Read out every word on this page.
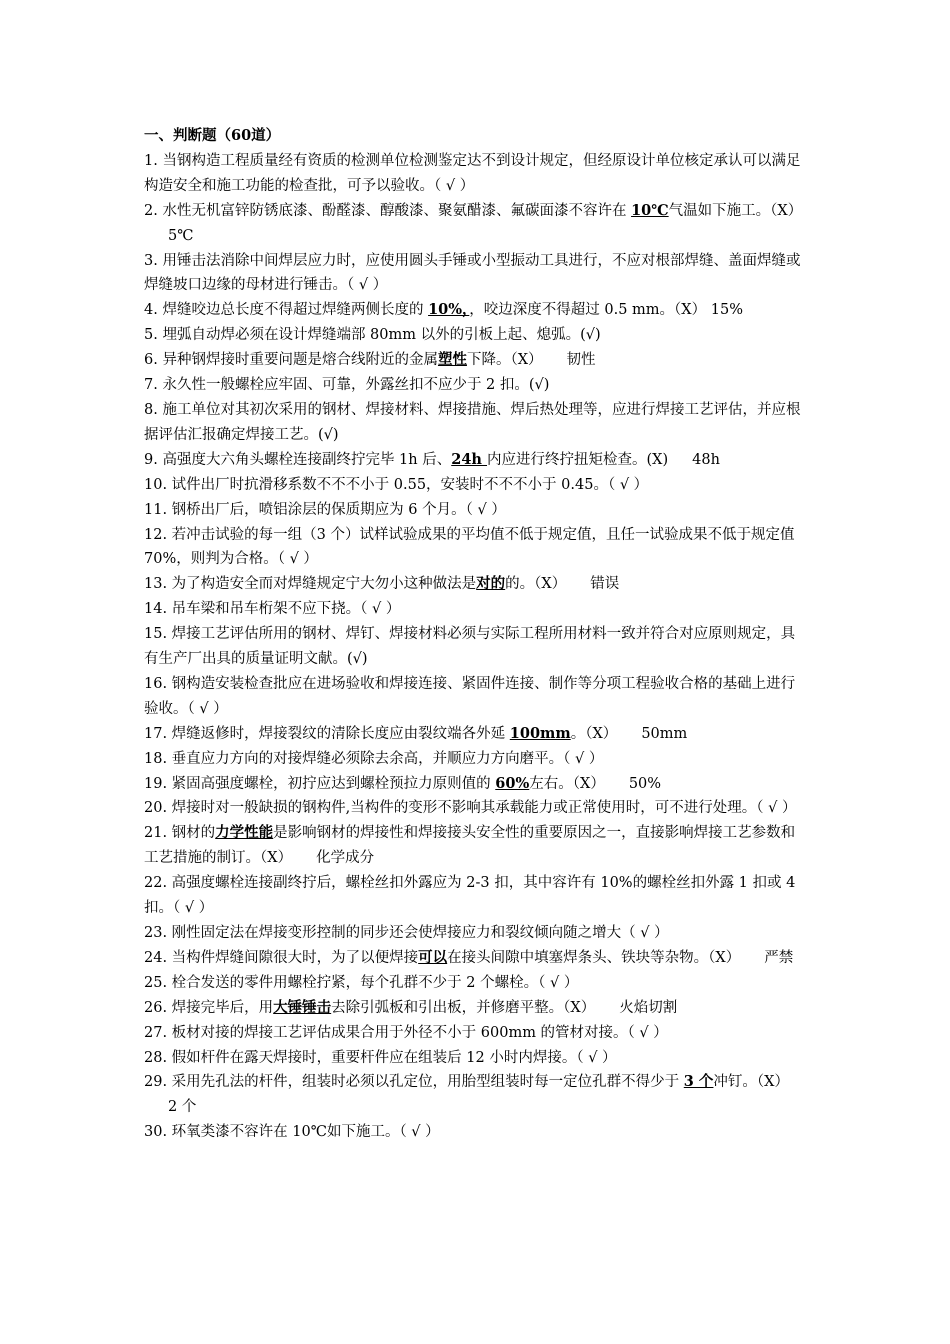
一、判断题（60道）
1. 当钢构造工程质量经有资质的检测单位检测鉴定达不到设计规定，但经原设计单位核定承认可以满足构造安全和施工功能的检查批，可予以验收。（ √ ）
2. 水性无机富锌防锈底漆、酚醛漆、醇酸漆、聚氨醋漆、氟碳面漆不容许在 10℃气温如下施工。（X）5℃
3. 用锤击法消除中间焊层应力时，应使用圆头手锤或小型振动工具进行，不应对根部焊缝、盖面焊缝或焊缝坡口边缘的母材进行锤击。（ √ ）
4. 焊缝咬边总长度不得超过焊缝两侧长度的 10%，，咬边深度不得超过 0.5 mm。（X） 15%
5. 埋弧自动焊必须在设计焊缝端部 80mm 以外的引板上起、熄弧。(√)
6. 异种钢焊接时重要问题是熔合线附近的金属塑性下降。（X） 韧性
7. 永久性一般螺栓应牢固、可靠，外露丝扣不应少于 2 扣。(√)
8. 施工单位对其初次采用的钢材、焊接材料、焊接措施、焊后热处理等，应进行焊接工艺评估，并应根据评估汇报确定焊接工艺。(√)
9. 高强度大六角头螺栓连接副终拧完毕 1h 后、24h 内应进行终拧扭矩检查。(X) 48h
10. 试件出厂时抗滑移系数不不不小于 0.55，安装时不不不小于 0.45。（ √ ）
11. 钢桥出厂后，喷铝涂层的保质期应为 6 个月。（ √ ）
12. 若冲击试验的每一组（3 个）试样试验成果的平均值不低于规定值，且任一试验成果不低于规定值 70%，则判为合格。（ √ ）
13. 为了构造安全而对焊缝规定宁大勿小这种做法是对的的。（X） 错误
14. 吊车梁和吊车桁架不应下挠。（ √ ）
15. 焊接工艺评估所用的钢材、焊钉、焊接材料必须与实际工程所用材料一致并符合对应原则规定，具有生产厂出具的质量证明文献。(√)
16. 钢构造安装检查批应在进场验收和焊接连接、紧固件连接、制作等分项工程验收合格的基础上进行验收。（ √ ）
17. 焊缝返修时，焊接裂纹的清除长度应由裂纹端各外延 100mm。（X） 50mm
18. 垂直应力方向的对接焊缝必须除去余高，并顺应力方向磨平。（ √ ）
19. 紧固高强度螺栓，初拧应达到螺栓预拉力原则值的 60%左右。（X） 50%
20. 焊接时对一般缺损的钢构件,当构件的变形不影响其承载能力或正常使用时，可不进行处理。（ √ ）
21. 钢材的力学性能是影响钢材的焊接性和焊接接头安全性的重要原因之一，直接影响焊接工艺参数和工艺措施的制订。（X） 化学成分
22. 高强度螺栓连接副终拧后，螺栓丝扣外露应为 2-3 扣，其中容许有 10%的螺栓丝扣外露 1 扣或 4 扣。（ √ ）
23. 刚性固定法在焊接变形控制的同步还会使焊接应力和裂纹倾向随之增大（ √ ）
24. 当构件焊缝间隙很大时，为了以便焊接可以在接头间隙中填塞焊条头、铁块等杂物。（X） 严禁
25. 栓合发送的零件用螺栓拧紧，每个孔群不少于 2 个螺栓。（ √ ）
26. 焊接完毕后，用大锤锤击去除引弧板和引出板，并修磨平整。（X） 火焰切割
27. 板材对接的焊接工艺评估成果合用于外径不小于 600mm 的管材对接。（ √ ）
28. 假如杆件在露天焊接时，重要杆件应在组装后 12 小时内焊接。（ √ ）
29. 采用先孔法的杆件，组装时必须以孔定位，用胎型组装时每一定位孔群不得少于 3 个冲钉。（X）2 个
30. 环氧类漆不容许在 10℃如下施工。（ √ ）
